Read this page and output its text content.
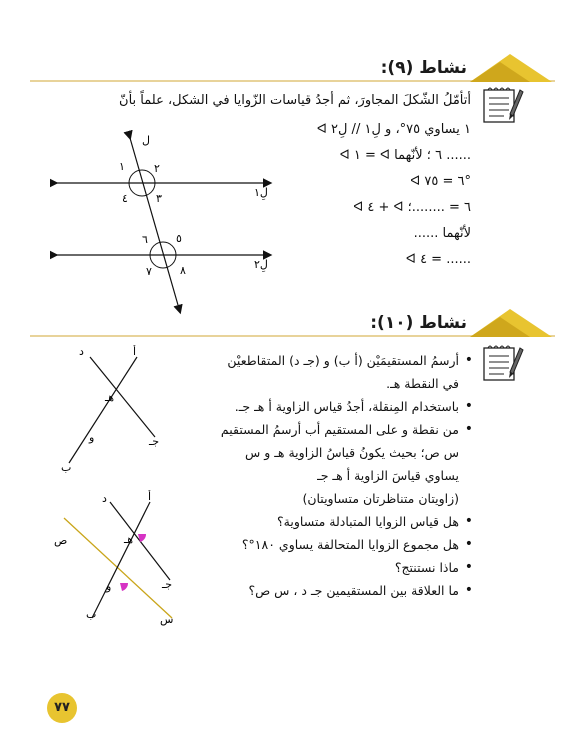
نشاط (٩):
أتأمّلُ الشّكلَ المجاورَ، ثم أجدُ قياسات الزّوايا في الشكل، علماً بأنّ
ᐊ ١ يساوي ٧٥°، و لِ١ // لِ٢
ᐊ ١ = ᐊ ٦ ؛ لأنّهما ......
ᐊ ٦ = ٧٥°
ᐊ ٤ + ᐊ ٦ = ........؛
لأنّهما ......
ᐊ ٤ = ......
ل
لِ١
لِ٢
١	٢
٤	٣
٦	٥
٧	٨
نشاط (١٠):
• أرسمُ المستقيمَيْن (أ ب) و (جـ د) المتقاطعيْن
في النقطة هـ.
• باستخدام المِنقلة، أجدُ قياس الزاوية أ هـ جـ.
• من نقطة و على المستقيم أب أرسمُ المستقيم
س ص؛ بحيث يكونُ قياسُ الزاوية هـ و س
يساوي قياسَ الزاوية أ هـ جـ
(زاويتان متناظرتان متساويتان)
• هل قياس الزوايا المتبادلة متساوية؟
• هل مجموع الزوايا المتحالفة يساوي ١٨٠°؟
• ماذا نستنتج؟
• ما العلاقة بين المستقيمين جـ د ، س ص؟
أ
د
هـ
و	جـ
ب
أ
د
هـ
و	جـ
ب	س
ص
٧٧
